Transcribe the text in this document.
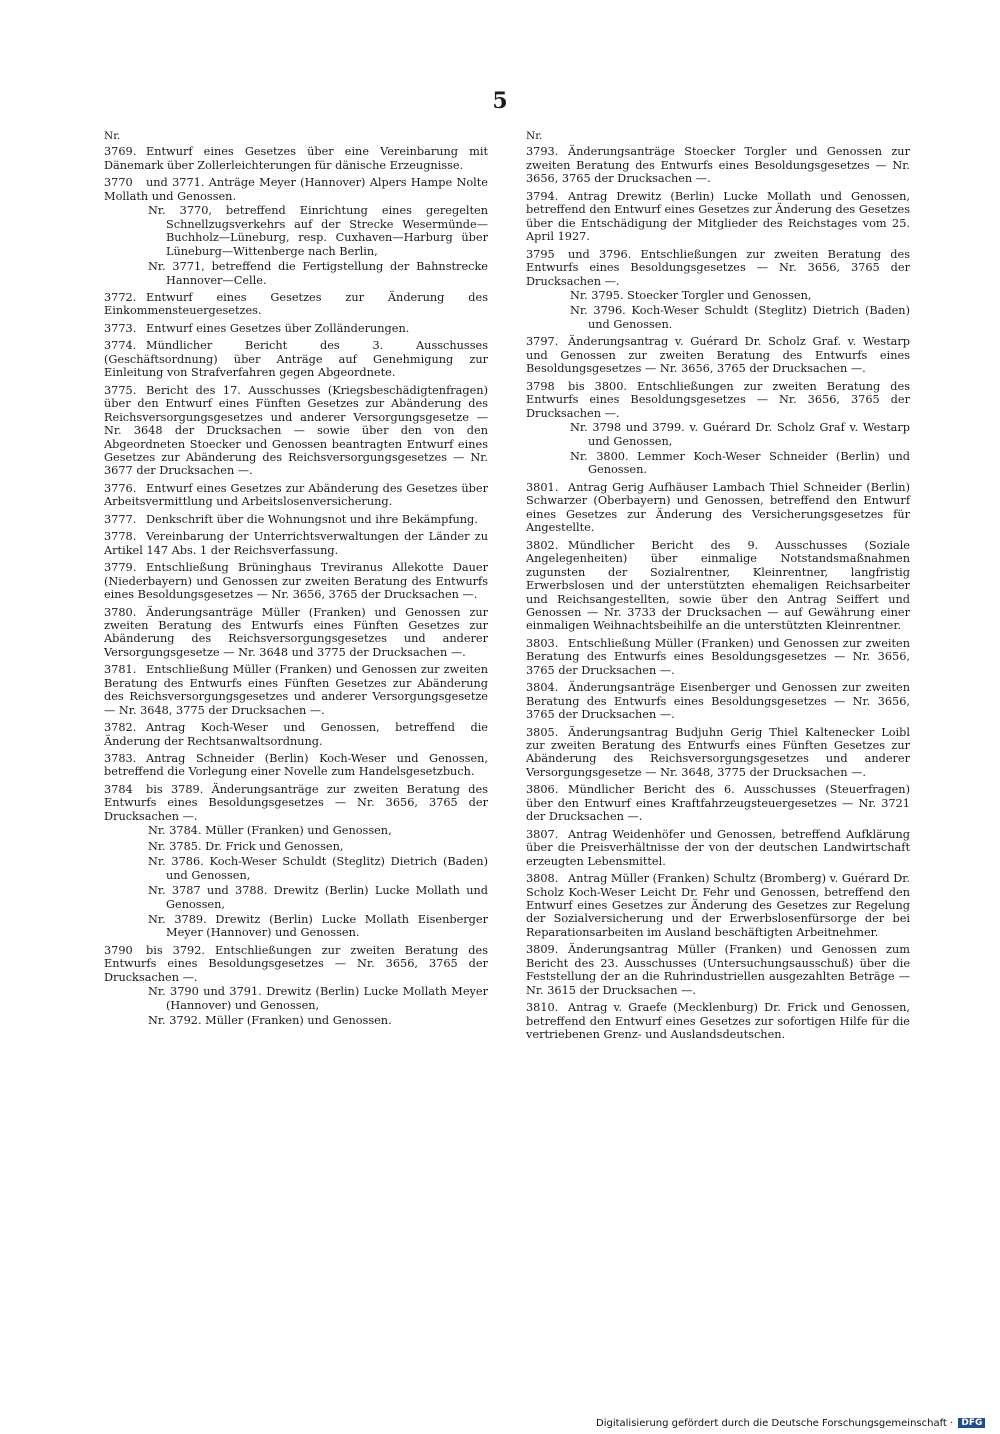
5
Nr.
3769. Entwurf eines Gesetzes über eine Vereinbarung mit Dänemark über Zollerleichterungen für dänische Erzeugnisse.
3770 und 3771. Anträge Meyer (Hannover) Alpers Hampe Nolte Mollath und Genossen.
Nr. 3770, betreffend Einrichtung eines geregelten Schnellzugsverkehrs auf der Strecke Wesermünde—Buchholz—Lüneburg, resp. Cuxhaven—Harburg über Lüneburg—Wittenberge nach Berlin,
Nr. 3771, betreffend die Fertigstellung der Bahnstrecke Hannover—Celle.
3772. Entwurf eines Gesetzes zur Änderung des Einkommensteuergesetzes.
3773. Entwurf eines Gesetzes über Zolländerungen.
3774. Mündlicher Bericht des 3. Ausschusses (Geschäftsordnung) über Anträge auf Genehmigung zur Einleitung von Strafverfahren gegen Abgeordnete.
3775. Bericht des 17. Ausschusses (Kriegsbeschädigtenfragen) über den Entwurf eines Fünften Gesetzes zur Abänderung des Reichsversorgungsgesetzes und anderer Versorgungsgesetze — Nr. 3648 der Drucksachen — sowie über den von den Abgeordneten Stoecker und Genossen beantragten Entwurf eines Gesetzes zur Abänderung des Reichsversorgungsgesetzes — Nr. 3677 der Drucksachen —.
3776. Entwurf eines Gesetzes zur Abänderung des Gesetzes über Arbeitsvermittlung und Arbeitslosenversicherung.
3777. Denkschrift über die Wohnungsnot und ihre Bekämpfung.
3778. Vereinbarung der Unterrichtsverwaltungen der Länder zu Artikel 147 Abs. 1 der Reichsverfassung.
3779. Entschließung Brüninghaus Treviranus Allekotte Dauer (Niederbayern) und Genossen zur zweiten Beratung des Entwurfs eines Besoldungsgesetzes — Nr. 3656, 3765 der Drucksachen —.
3780. Änderungsanträge Müller (Franken) und Genossen zur zweiten Beratung des Entwurfs eines Fünften Gesetzes zur Abänderung des Reichsversorgungsgesetzes und anderer Versorgungsgesetze — Nr. 3648 und 3775 der Drucksachen —.
3781. Entschließung Müller (Franken) und Genossen zur zweiten Beratung des Entwurfs eines Fünften Gesetzes zur Abänderung des Reichsversorgungsgesetzes und anderer Versorgungsgesetze — Nr. 3648, 3775 der Drucksachen —.
3782. Antrag Koch-Weser und Genossen, betreffend die Änderung der Rechtsanwaltsordnung.
3783. Antrag Schneider (Berlin) Koch-Weser und Genossen, betreffend die Vorlegung einer Novelle zum Handelsgesetzbuch.
3784 bis 3789. Änderungsanträge zur zweiten Beratung des Entwurfs eines Besoldungsgesetzes — Nr. 3656, 3765 der Drucksachen —.
Nr. 3784. Müller (Franken) und Genossen,
Nr. 3785. Dr. Frick und Genossen,
Nr. 3786. Koch-Weser Schuldt (Steglitz) Dietrich (Baden) und Genossen,
Nr. 3787 und 3788. Drewitz (Berlin) Lucke Mollath und Genossen,
Nr. 3789. Drewitz (Berlin) Lucke Mollath Eisenberger Meyer (Hannover) und Genossen.
3790 bis 3792. Entschließungen zur zweiten Beratung des Entwurfs eines Besoldungsgesetzes — Nr. 3656, 3765 der Drucksachen —.
Nr. 3790 und 3791. Drewitz (Berlin) Lucke Mollath Meyer (Hannover) und Genossen,
Nr. 3792. Müller (Franken) und Genossen.
Nr.
3793. Änderungsanträge Stoecker Torgler und Genossen zur zweiten Beratung des Entwurfs eines Besoldungsgesetzes — Nr. 3656, 3765 der Drucksachen —.
3794. Antrag Drewitz (Berlin) Lucke Mollath und Genossen, betreffend den Entwurf eines Gesetzes zur Änderung des Gesetzes über die Entschädigung der Mitglieder des Reichstages vom 25. April 1927.
3795 und 3796. Entschließungen zur zweiten Beratung des Entwurfs eines Besoldungsgesetzes — Nr. 3656, 3765 der Drucksachen —.
Nr. 3795. Stoecker Torgler und Genossen,
Nr. 3796. Koch-Weser Schuldt (Steglitz) Dietrich (Baden) und Genossen.
3797. Änderungsantrag v. Guérard Dr. Scholz Graf. v. Westarp und Genossen zur zweiten Beratung des Entwurfs eines Besoldungsgesetzes — Nr. 3656, 3765 der Drucksachen —.
3798 bis 3800. Entschließungen zur zweiten Beratung des Entwurfs eines Besoldungsgesetzes — Nr. 3656, 3765 der Drucksachen —.
Nr. 3798 und 3799. v. Guérard Dr. Scholz Graf v. Westarp und Genossen,
Nr. 3800. Lemmer Koch-Weser Schneider (Berlin) und Genossen.
3801. Antrag Gerig Aufhäuser Lambach Thiel Schneider (Berlin) Schwarzer (Oberbayern) und Genossen, betreffend den Entwurf eines Gesetzes zur Änderung des Versicherungsgesetzes für Angestellte.
3802. Mündlicher Bericht des 9. Ausschusses (Soziale Angelegenheiten) über einmalige Notstandsmaßnahmen zugunsten der Sozialrentner, Kleinrentner, langfristig Erwerbslosen und der unterstützten ehemaligen Reichsarbeiter und Reichsangestellten, sowie über den Antrag Seiffert und Genossen — Nr. 3733 der Drucksachen — auf Gewährung einer einmaligen Weihnachtsbeihilfe an die unterstützten Kleinrentner.
3803. Entschließung Müller (Franken) und Genossen zur zweiten Beratung des Entwurfs eines Besoldungsgesetzes — Nr. 3656, 3765 der Drucksachen —.
3804. Änderungsanträge Eisenberger und Genossen zur zweiten Beratung des Entwurfs eines Besoldungsgesetzes — Nr. 3656, 3765 der Drucksachen —.
3805. Änderungsantrag Budjuhn Gerig Thiel Kaltenecker Loibl zur zweiten Beratung des Entwurfs eines Fünften Gesetzes zur Abänderung des Reichsversorgungsgesetzes und anderer Versorgungsgesetze — Nr. 3648, 3775 der Drucksachen —.
3806. Mündlicher Bericht des 6. Ausschusses (Steuerfragen) über den Entwurf eines Kraftfahrzeugsteuergesetzes — Nr. 3721 der Drucksachen —.
3807. Antrag Weidenhöfer und Genossen, betreffend Aufklärung über die Preisverhältnisse der von der deutschen Landwirtschaft erzeugten Lebensmittel.
3808. Antrag Müller (Franken) Schultz (Bromberg) v. Guérard Dr. Scholz Koch-Weser Leicht Dr. Fehr und Genossen, betreffend den Entwurf eines Gesetzes zur Änderung des Gesetzes zur Regelung der Sozialversicherung und der Erwerbslosenfürsorge der bei Reparationsarbeiten im Ausland beschäftigten Arbeitnehmer.
3809. Änderungsantrag Müller (Franken) und Genossen zum Bericht des 23. Ausschusses (Untersuchungsausschuß) über die Feststellung der an die Ruhrindustriellen ausgezahlten Beträge — Nr. 3615 der Drucksachen —.
3810. Antrag v. Graefe (Mecklenburg) Dr. Frick und Genossen, betreffend den Entwurf eines Gesetzes zur sofortigen Hilfe für die vertriebenen Grenz- und Auslandsdeutschen.
Digitalisierung gefördert durch die Deutsche Forschungsgemeinschaft · DFG
